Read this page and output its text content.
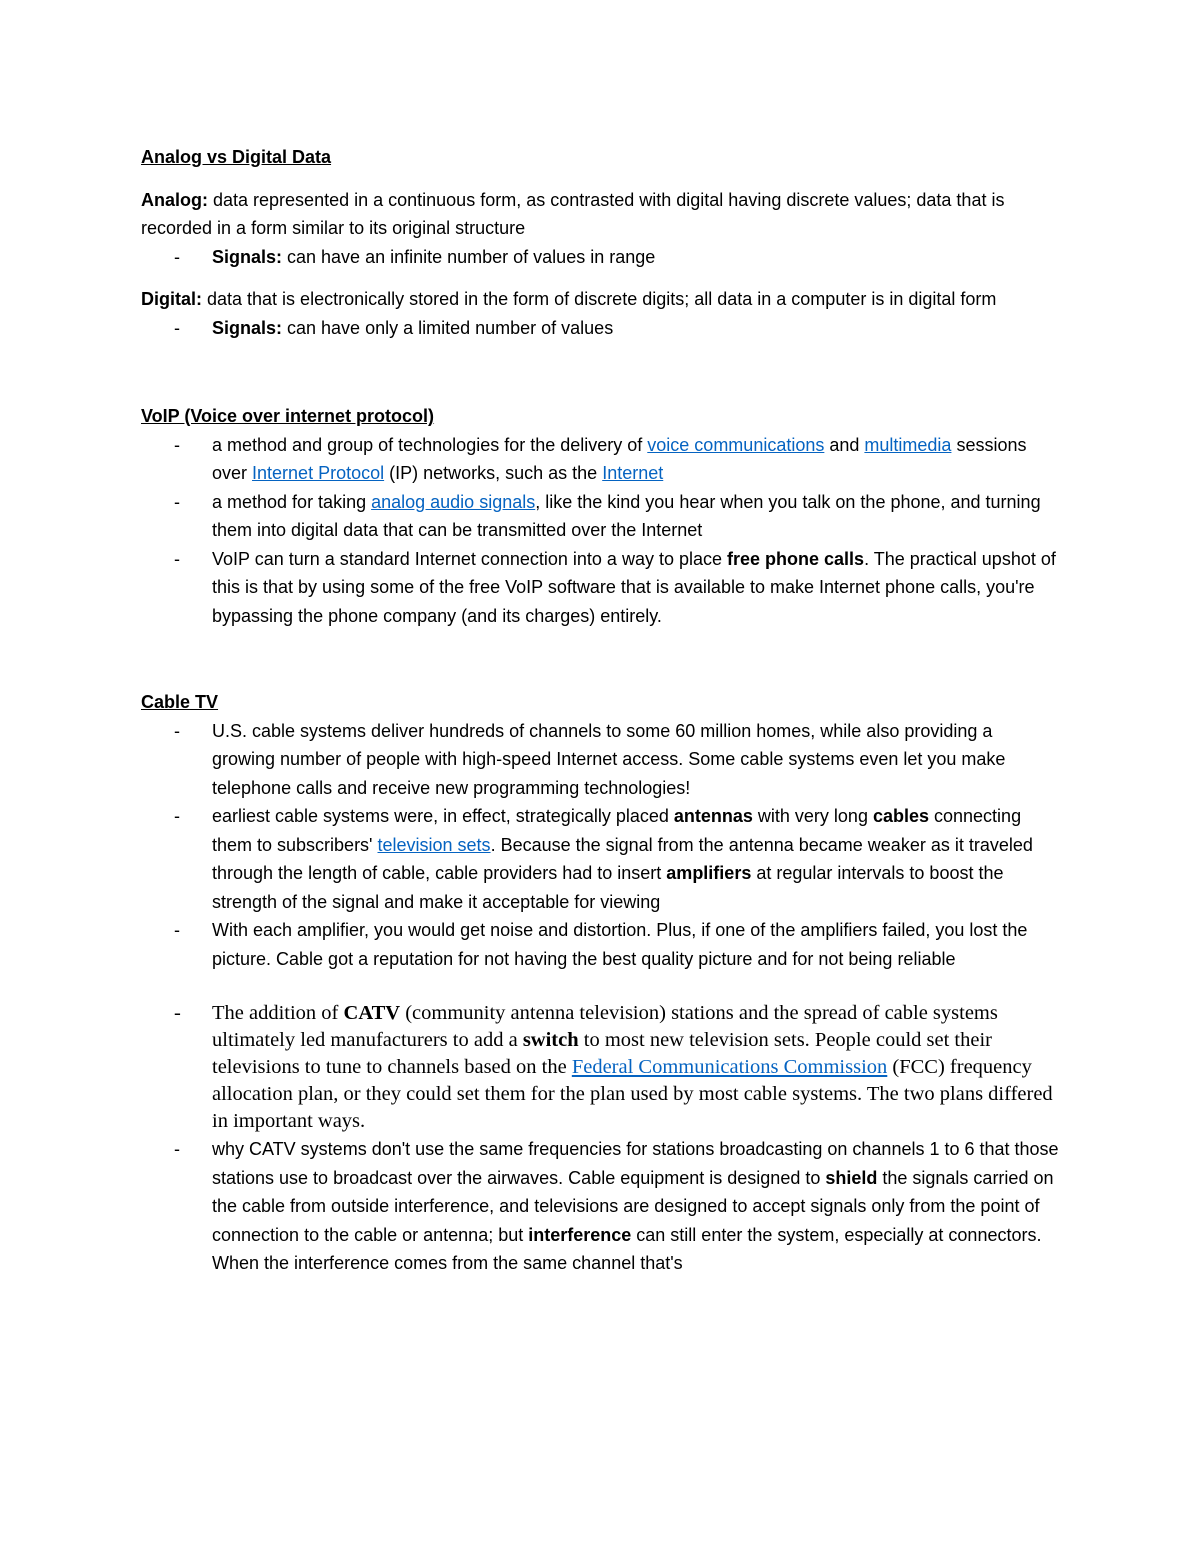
Analog vs Digital Data

Analog: data represented in a continuous form, as contrasted with digital having discrete values; data that is recorded in a form similar to its original structure

- Signals: can have an infinite number of values in range

Digital: data that is electronically stored in the form of discrete digits; all data in a computer is in digital form

- Signals: can have only a limited number of values

VoIP (Voice over internet protocol)

- a method and group of technologies for the delivery of voice communications and multimedia sessions over Internet Protocol (IP) networks, such as the Internet
- a method for taking analog audio signals, like the kind you hear when you talk on the phone, and turning them into digital data that can be transmitted over the Internet
- VoIP can turn a standard Internet connection into a way to place free phone calls. The practical upshot of this is that by using some of the free VoIP software that is available to make Internet phone calls, you're bypassing the phone company (and its charges) entirely.

Cable TV

- U.S. cable systems deliver hundreds of channels to some 60 million homes, while also providing a growing number of people with high-speed Internet access. Some cable systems even let you make telephone calls and receive new programming technologies!
- earliest cable systems were, in effect, strategically placed antennas with very long cables connecting them to subscribers' television sets. Because the signal from the antenna became weaker as it traveled through the length of cable, cable providers had to insert amplifiers at regular intervals to boost the strength of the signal and make it acceptable for viewing
- With each amplifier, you would get noise and distortion. Plus, if one of the amplifiers failed, you lost the picture. Cable got a reputation for not having the best quality picture and for not being reliable
- The addition of CATV (community antenna television) stations and the spread of cable systems ultimately led manufacturers to add a switch to most new television sets. People could set their televisions to tune to channels based on the Federal Communications Commission (FCC) frequency allocation plan, or they could set them for the plan used by most cable systems. The two plans differed in important ways.
- why CATV systems don't use the same frequencies for stations broadcasting on channels 1 to 6 that those stations use to broadcast over the airwaves. Cable equipment is designed to shield the signals carried on the cable from outside interference, and televisions are designed to accept signals only from the point of connection to the cable or antenna; but interference can still enter the system, especially at connectors. When the interference comes from the same channel that's
